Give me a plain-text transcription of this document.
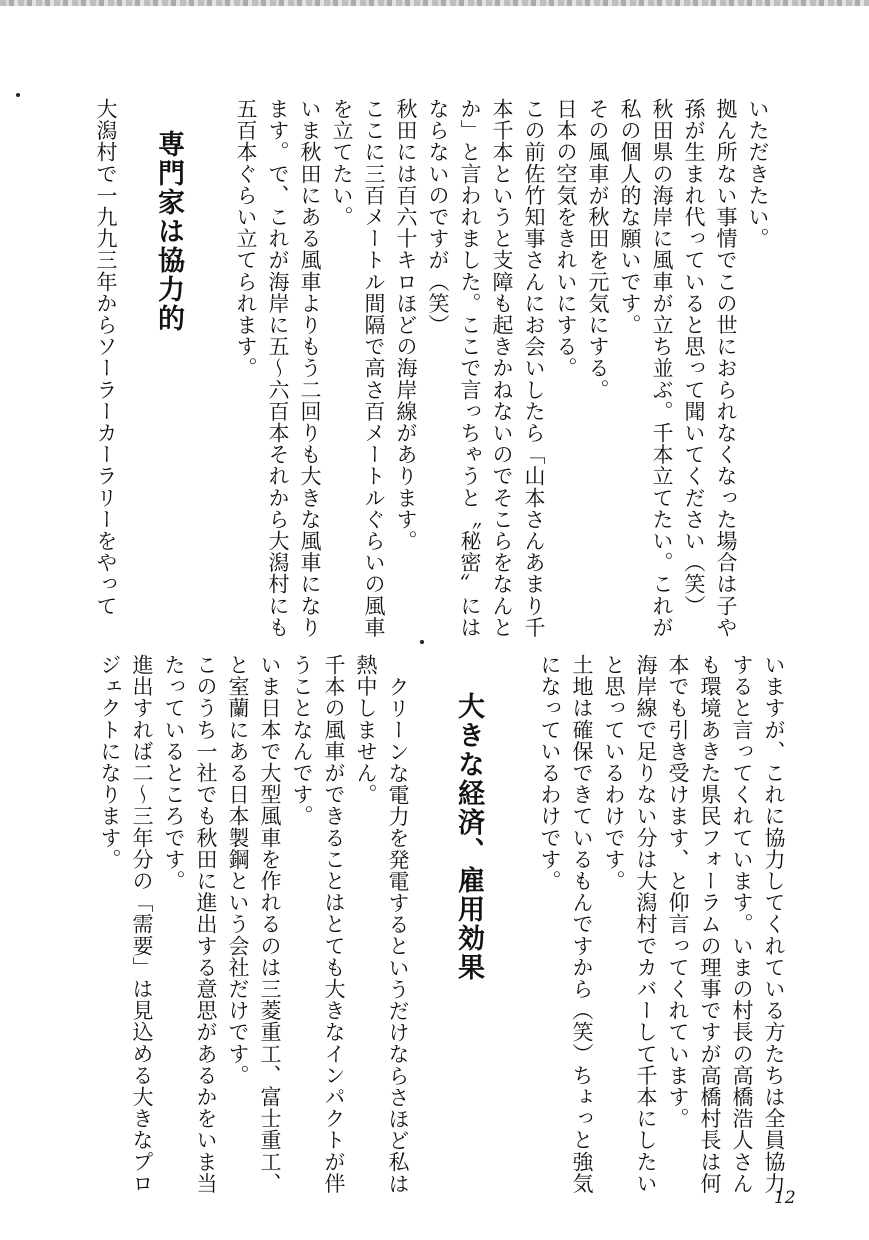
いただきたい。
拠ん所ない事情でこの世におられなくなった場合は子や
孫が生まれ代っていると思って聞いてください（笑）
秋田県の海岸に風車が立ち並ぶ。千本立てたい。これが
私の個人的な願いです。
その風車が秋田を元気にする。
日本の空気をきれいにする。
この前佐竹知事さんにお会いしたら「山本さんあまり千
本千本というと支障も起きかねないのでそこらをなんと
か」と言われました。ここで言っちゃうと〝秘密〟には
ならないのですが（笑）
秋田には百六十キロほどの海岸線があります。
ここに三百メートル間隔で高さ百メートルぐらいの風車
を立てたい。
いま秋田にある風車よりもう二回りも大きな風車になり
ます。で、これが海岸に五〜六百本それから大潟村にも
五百本ぐらい立てられます。
専門家は協力的
大潟村で一九九三年からソーラーカーラリーをやって
いますが、これに協力してくれている方たちは全員協力
すると言ってくれています。いまの村長の高橋浩人さん
も環境あきた県民フォーラムの理事ですが高橋村長は何
本でも引き受けます、と仰言ってくれています。
海岸線で足りない分は大潟村でカバーして千本にしたい
と思っているわけです。
土地は確保できているもんですから（笑）ちょっと強気
になっているわけです。
大きな経済、雇用効果
クリーンな電力を発電するというだけならさほど私は
熱中しません。
千本の風車ができることはとても大きなインパクトが伴
うことなんです。
いま日本で大型風車を作れるのは三菱重工、富士重工、
と室蘭にある日本製鋼という会社だけです。
このうち一社でも秋田に進出する意思があるかをいま当
たっているところです。
進出すれば二〜三年分の「需要」は見込める大きなプロ
ジェクトになります。
12
